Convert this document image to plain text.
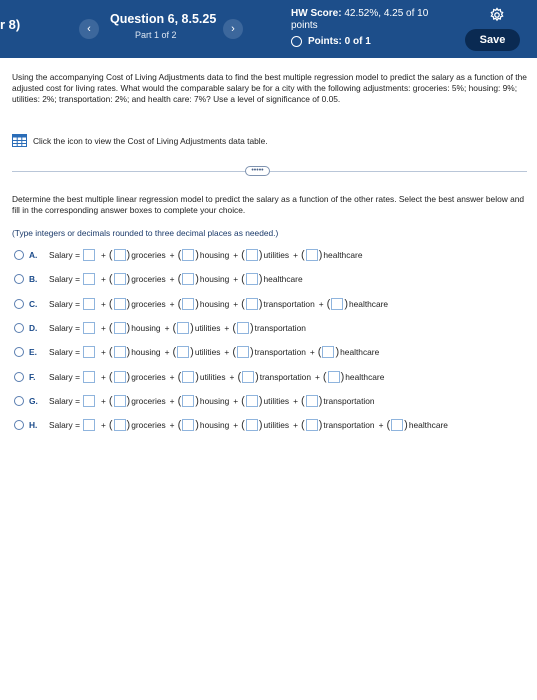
r 8)	‹
Question 6, 8.5.25
Part 1 of 2	›
HW Score: 42.52%, 4.25 of 10 points
Points:
0 of 1	Save
Using the accompanying Cost of Living Adjustments data to find the best multiple regression model to predict the salary as a function of the adjusted cost for living rates. What would the comparable salary be for a city with the following adjustments: groceries: 5%; housing: 9%; utilities: 2%; transportation: 2%; and health care: 7%? Use a level of significance of 0.05.
Click the icon to view the Cost of Living Adjustments data table.
•••••
Determine the best multiple linear regression model to predict the salary as a function of the other rates. Select the best answer below and fill in the corresponding answer boxes to complete your choice.
(Type integers or decimals rounded to three decimal places as needed.)
A.	Salary =	+ ( ) groceries + ( ) housing + ( ) utilities + ( ) healthcare
B.	Salary =	+ ( ) groceries + ( ) housing + ( ) healthcare
C.	Salary =	+ ( ) groceries + ( ) housing + ( ) transportation + ( ) healthcare
D.	Salary =	+ ( ) housing + ( ) utilities + ( ) transportation
E.	Salary =	+ ( ) housing + ( ) utilities + ( ) transportation + ( ) healthcare
F.	Salary =	+ ( ) groceries + ( ) utilities + ( ) transportation + ( ) healthcare
G.	Salary =	+ ( ) groceries + ( ) housing + ( ) utilities + ( ) transportation
H.	Salary =	+ ( ) groceries + ( ) housing + ( ) utilities + ( ) transportation + ( ) healthcare
